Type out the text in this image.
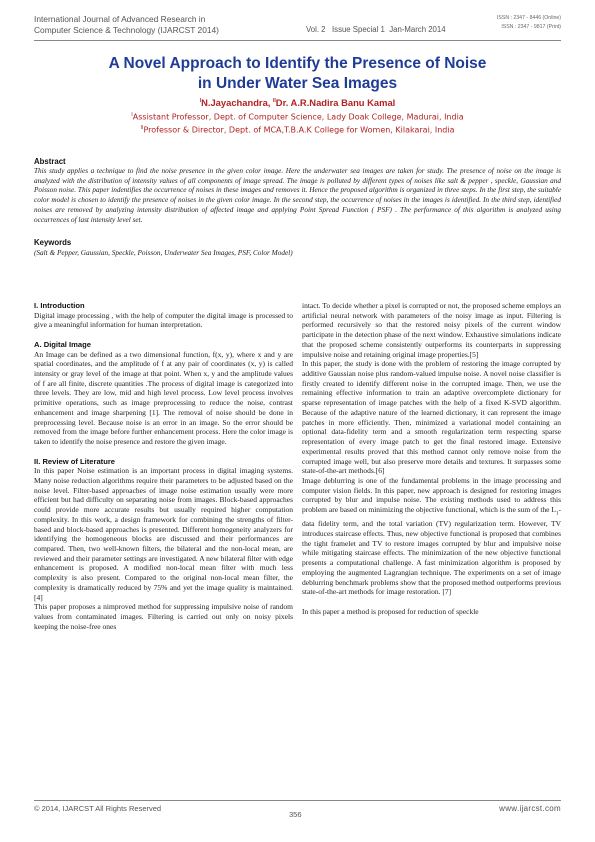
International Journal of Advanced Research in
Computer Science & Technology (IJARCST 2014)	Vol. 2   Issue Special 1  Jan-March 2014
ISSN : 2347 - 8446 (Online)
ISSN : 2347 - 9817 (Print)
A Novel Approach to Identify the Presence of Noise
in Under Water Sea Images
$^I$N.Jayachandra, $^{II}$Dr. A.R.Nadira Banu Kamal
$^I$Assistant Professor, Dept. of Computer Science, Lady Doak College, Madurai, India
$^{II}$Professor & Director, Dept. of MCA,T.B.A.K College for Women, Kilakarai, India
Abstract
This study applies a technique to find the noise presence in the given color image. Here the underwater sea images are taken for study. The presence of noise on the image is analyzed with the distribution of intensity values of all components of image spread. The image is polluted by different types of noises like salt & pepper , speckle, Gaussian and Poisson noise. This paper indentifies the occurrence of noises in these images and removes it. Hence the proposed algorithm is organized in three steps. In the first step, the suitable color model is chosen to identify the presence of noises in the given color image. In the second step, the occurrence of noises in the images is identified. In the third step, identified noises are removed by analyzing intensity distribution of affected image and applying Point Spread Function ( PSF) . The performance of this algorithm is analyzed using occurrences of last intensity level set.
Keywords
(Salt & Pepper, Gaussian, Speckle, Poisson, Underwater Sea Images, PSF, Color Model)

I. Introduction

Digital image processing , with the help of computer the digital image is processed to give a meaningful information for human interpretation.

A. Digital Image

An Image can be defined as a two dimensional function, f(x, y), where x and y are spatial coordinates, and the amplitude of f at any pair of coordinates (x, y) is called intensity or gray level of the image at that point. When x, y and the amplitude values of f are all finite, discrete quantities .The process of digital image is categorized into three levels. They are low, mid and high level process. Low level process involves primitive operations, such as image preprocessing to reduce the noise, contrast enhancement and image sharpening [1]. The removal of noise should be done in preprocessing level. Because noise is an error in an image. So the error should be removed from the image before further enhancement process. Here the color image is taken to identify the noise presence and restore the given image.

II. Review of Literature

In this paper Noise estimation is an important process in digital imaging systems. Many noise reduction algorithms require their parameters to be adjusted based on the noise level. Filter-based approaches of image noise estimation usually were more efficient but had difficulty on separating noise from images. Block-based approaches could provide more accurate results but usually required higher computation complexity. In this work, a design framework for combining the strengths of filter-based and block-based approaches is presented. Different homogeneity analyzers for identifying the homogeneous blocks are discussed and their performances are compared. Then, two well-known filters, the bilateral and the non-local mean, are reviewed and their parameter settings are investigated. A new bilateral filter with edge enhancement is proposed. A modified non-local mean filter with much less complexity is also present. Compared to the original non-local mean filter, the complexity is dramatically reduced by 75% and yet the image quality is maintained.[4]

This paper proposes a nimproved method for suppressing impulsive noise of random values from contaminated images. Filtering is carried out only on noisy pixels keeping the noise-free ones

intact. To decide whether a pixel is corrupted or not, the proposed scheme employs an artificial neural network with parameters of the noisy image as input. Filtering is performed recursively so that the restored noisy pixels of the current window participate in the detection phase of the next window. Exhaustive simulations indicate that the proposed scheme consistently outperforms its counterparts in suppressing impulsive noise and retaining original image properties.[5]

In this paper, the study is done with the problem of restoring the image corrupted by additive Gaussian noise plus random-valued impulse noise. A novel noise classifier is firstly created to identify different noise in the corrupted image. Then, we use the remaining effective information to train an adaptive overcomplete dictionary for sparse representation of image patches with the help of a fixed K-SVD algorithm. Because of the adaptive nature of the learned dictionary, it can represent the image patches in more efficiently. Then, minimized a variational model containing an optional data-fidelity term and a smooth regularization term respecting sparse representation of every image patch to get the final restored image. Extensive experimental results proved that this method cannot only remove noise from the corrupted image well, but also preserve more details and textures. It surpasses some state-of-the-art methods.[6]

Image deblurring is one of the fundamental problems in the image processing and computer vision fields. In this paper, new approach is designed for restoring images corrupted by blur and impulse noise. The existing methods used to address this problem are based on minimizing the objective functional, which is the sum of the $L_1$-data fidelity term, and the total variation (TV) regularization term. However, TV introduces staircase effects. Thus, new objective functional is proposed that combines the tight framelet and TV to restore images corrupted by blur and impulsive noise while mitigating staircase effects. The minimization of the new objective functional presents a computational challenge. A fast minimization algorithm is proposed by employing the augmented Lagrangian technique. The experiments on a set of image deblurring benchmark problems show that the proposed method outperforms previous state-of-the-art methods for image restoration. [7]

In this paper a method is proposed for reduction of speckle

© 2014, IJARCST All Rights Reserved
356
www.ijarcst.com
